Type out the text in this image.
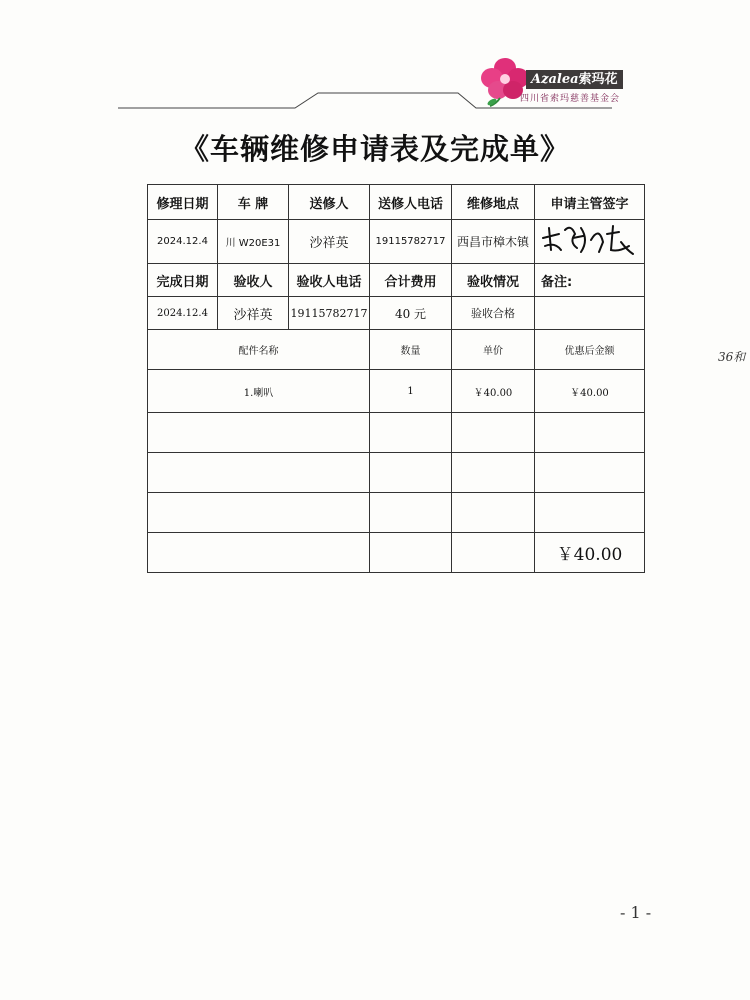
Azalea索玛花
四川省索玛慈善基金会
《车辆维修申请表及完成单》
修理日期	车 牌	送修人	送修人电话	维修地点	申请主管签字
2024.12.4	川 W20E31	沙祥英	19115782717	西昌市樟木镇	

完成日期	验收人	验收人电话	合计费用	验收情况	备注:
2024.12.4	沙祥英	19115782717	40 元	验收合格	
配件名称			数量	单价	优惠后金额
1.喇叭			1	￥40.00	￥40.00

					￥40.00
36和
- 1 -
